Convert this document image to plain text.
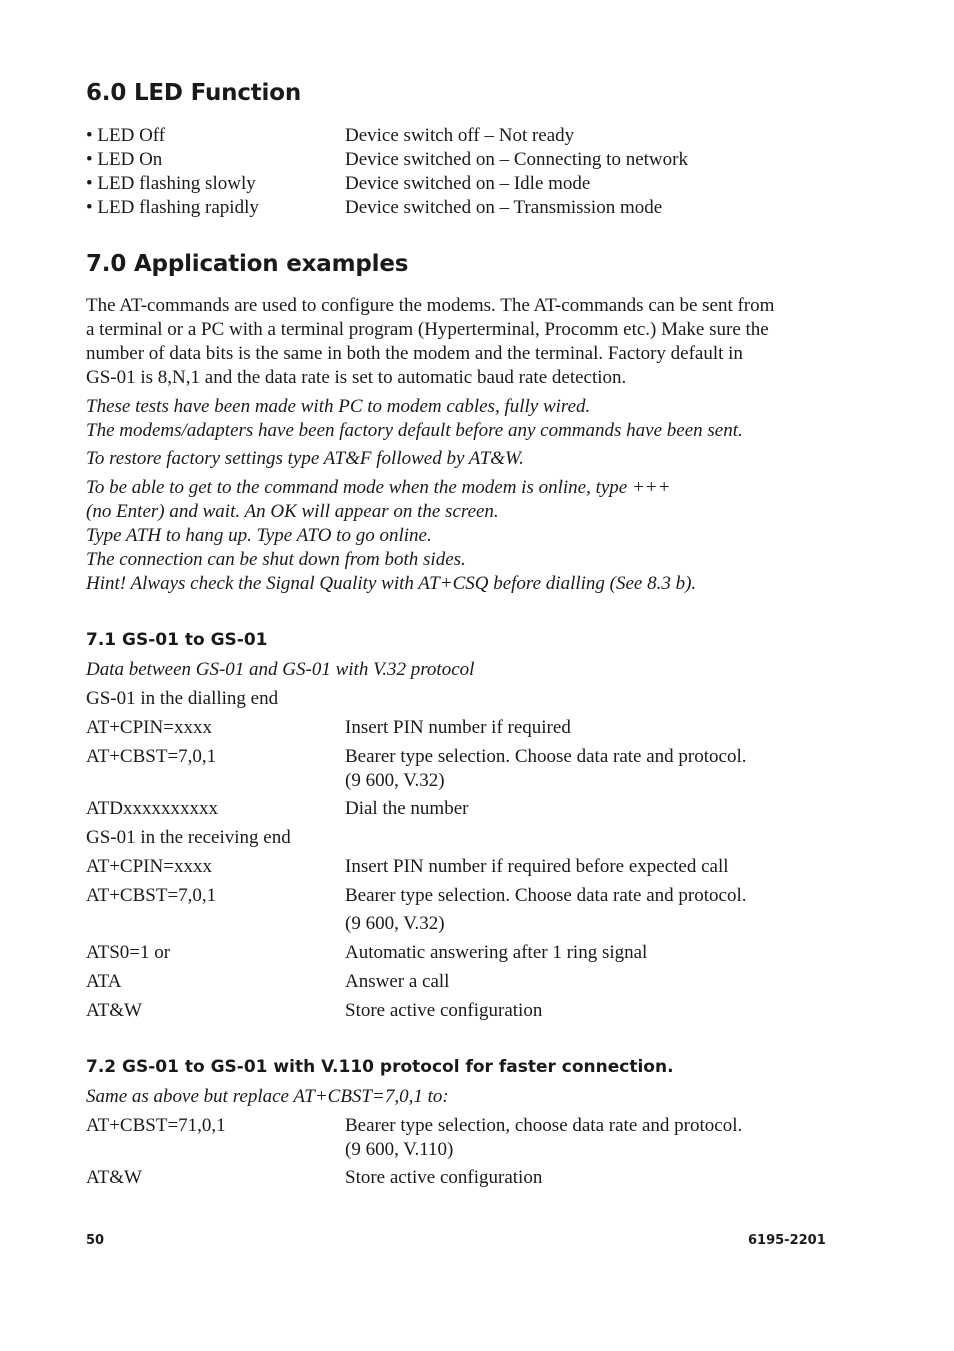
6.0 LED Function
• LED Off	Device switch off – Not ready
• LED On	Device switched on – Connecting to network
• LED flashing slowly	Device switched on – Idle mode
• LED flashing rapidly	Device switched on – Transmission mode
7.0 Application examples
The AT-commands are used to configure the modems. The AT-commands can be sent from
a terminal or a PC with a terminal program (Hyperterminal, Procomm etc.) Make sure the
number of data bits is the same in both the modem and the terminal. Factory default in
GS-01 is 8,N,1 and the data rate is set to automatic baud rate detection.
These tests have been made with PC to modem cables, fully wired.
The modems/adapters have been factory default before any commands have been sent.
To restore factory settings type AT&F followed by AT&W.
To be able to get to the command mode when the modem is online, type +++
(no Enter) and wait. An OK will appear on the screen.
Type ATH to hang up. Type ATO to go online.
The connection can be shut down from both sides.
Hint! Always check the Signal Quality with AT+CSQ before dialling (See 8.3 b).
7.1 GS-01 to GS-01
Data between GS-01 and GS-01 with V.32 protocol
GS-01 in the dialling end
AT+CPIN=xxxx	Insert PIN number if required
AT+CBST=7,0,1	Bearer type selection. Choose data rate and protocol.
(9 600, V.32)
ATDxxxxxxxxxx	Dial the number
GS-01 in the receiving end
AT+CPIN=xxxx	Insert PIN number if required before expected call
AT+CBST=7,0,1	Bearer type selection. Choose data rate and protocol.
(9 600, V.32)
ATS0=1 or	Automatic answering after 1 ring signal
ATA	Answer a call
AT&W	Store active configuration
7.2 GS-01 to GS-01 with V.110 protocol for faster connection.
Same as above but replace AT+CBST=7,0,1 to:
AT+CBST=71,0,1	Bearer type selection, choose data rate and protocol.
(9 600, V.110)
AT&W	Store active configuration
50	6195-2201
